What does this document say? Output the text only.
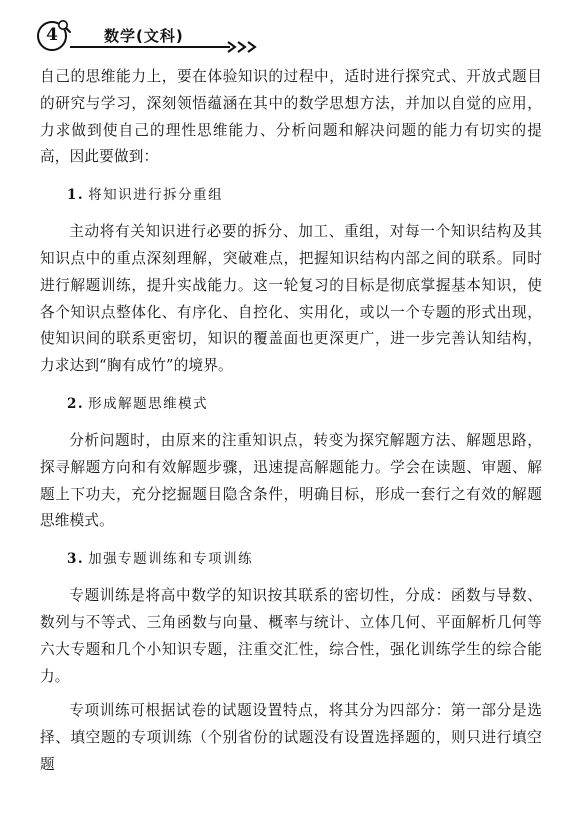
4	数学(文科)

自己的思维能力上，要在体验知识的过程中，适时进行探究式、开放式题目的研究与学习，深刻领悟蕴涵在其中的数学思想方法，并加以自觉的应用，力求做到使自己的理性思维能力、分析问题和解决问题的能力有切实的提高，因此要做到：

1. 将知识进行拆分重组

主动将有关知识进行必要的拆分、加工、重组，对每一个知识结构及其知识点中的重点深刻理解，突破难点，把握知识结构内部之间的联系。同时进行解题训练，提升实战能力。这一轮复习的目标是彻底掌握基本知识，使各个知识点整体化、有序化、自控化、实用化，或以一个专题的形式出现，使知识间的联系更密切，知识的覆盖面也更深更广，进一步完善认知结构，力求达到“胸有成竹”的境界。

2. 形成解题思维模式

分析问题时，由原来的注重知识点，转变为探究解题方法、解题思路，探寻解题方向和有效解题步骤，迅速提高解题能力。学会在读题、审题、解题上下功夫，充分挖掘题目隐含条件，明确目标，形成一套行之有效的解题思维模式。

3. 加强专题训练和专项训练

专题训练是将高中数学的知识按其联系的密切性，分成：函数与导数、数列与不等式、三角函数与向量、概率与统计、立体几何、平面解析几何等六大专题和几个小知识专题，注重交汇性，综合性，强化训练学生的综合能力。

专项训练可根据试卷的试题设置特点，将其分为四部分：第一部分是选择、填空题的专项训练（个别省份的试题没有设置选择题的，则只进行填空题
